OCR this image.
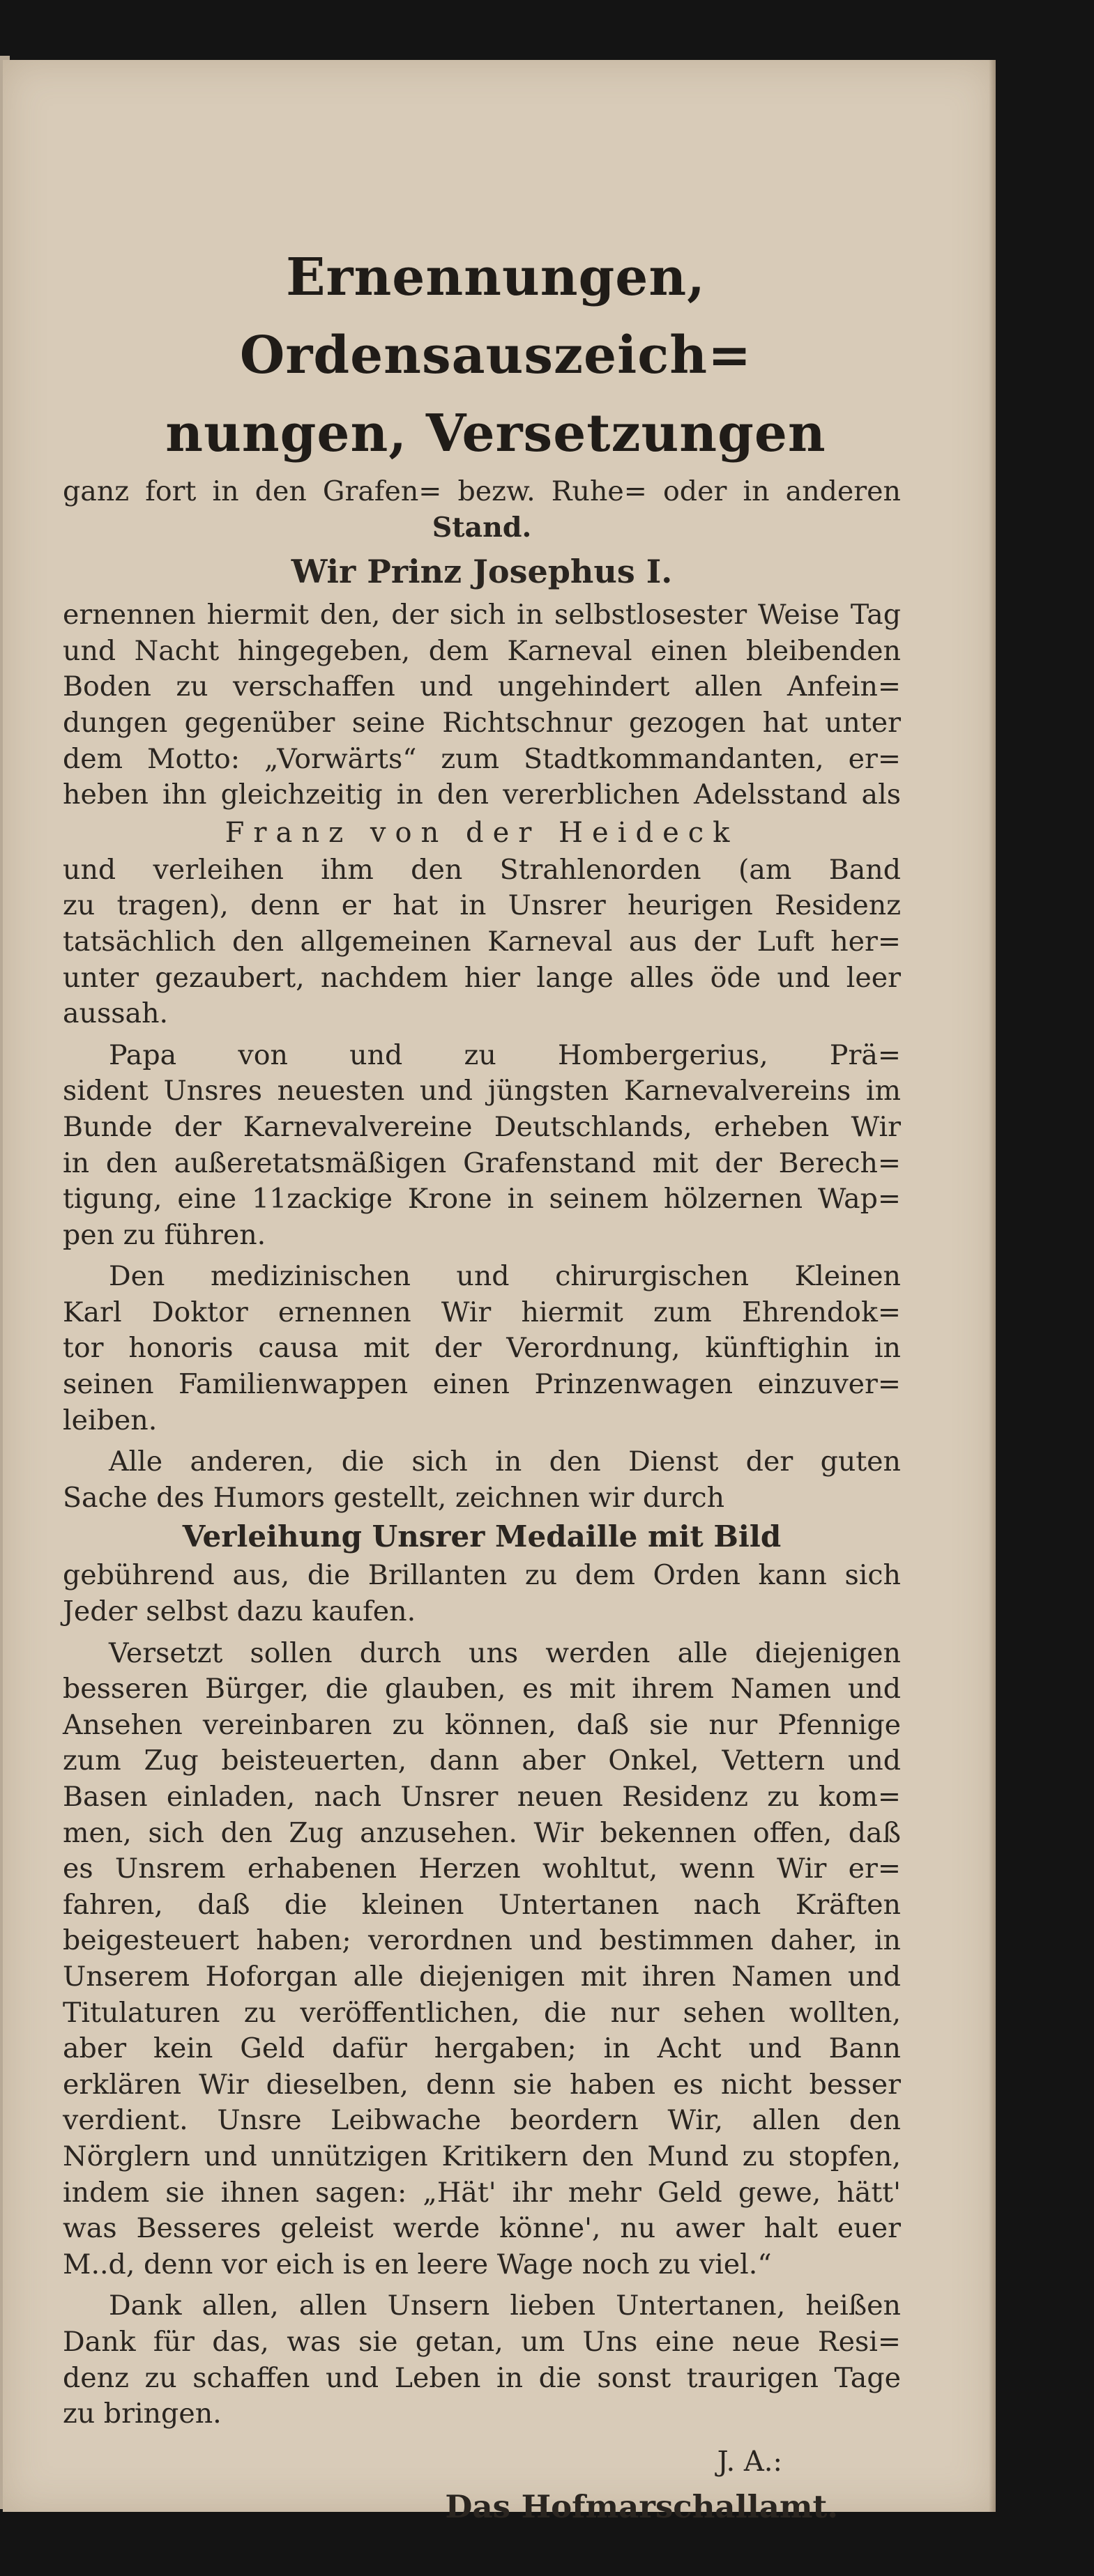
Ernennungen, Ordensauszeich=
nungen, Versetzungen
ganz fort in den Grafen= bezw. Ruhe= oder in anderen
Stand.
Wir Prinz Josephus I.
ernennen hiermit den, der sich in selbstlosester Weise Tag
und Nacht hingegeben, dem Karneval einen bleibenden
Boden zu verschaffen und ungehindert allen Anfein=
dungen gegenüber seine Richtschnur gezogen hat unter
dem Motto: „Vorwärts“ zum Stadtkommandanten, er=
heben ihn gleichzeitig in den vererblichen Adelsstand als
Franz von der Heideck
und verleihen ihm den Strahlenorden (am Band
zu tragen), denn er hat in Unsrer heurigen Residenz
tatsächlich den allgemeinen Karneval aus der Luft her=
unter gezaubert, nachdem hier lange alles öde und leer
aussah.
Papa von und zu Hombergerius, Prä=
sident Unsres neuesten und jüngsten Karnevalvereins im
Bunde der Karnevalvereine Deutschlands, erheben Wir
in den außeretatsmäßigen Grafenstand mit der Berech=
tigung, eine 11zackige Krone in seinem hölzernen Wap=
pen zu führen.
Den medizinischen und chirurgischen Kleinen
Karl Doktor ernennen Wir hiermit zum Ehrendok=
tor honoris causa mit der Verordnung, künftighin in
seinen Familienwappen einen Prinzenwagen einzuver=
leiben.
Alle anderen, die sich in den Dienst der guten
Sache des Humors gestellt, zeichnen wir durch
Verleihung Unsrer Medaille mit Bild
gebührend aus, die Brillanten zu dem Orden kann sich
Jeder selbst dazu kaufen.
Versetzt sollen durch uns werden alle diejenigen
besseren Bürger, die glauben, es mit ihrem Namen und
Ansehen vereinbaren zu können, daß sie nur Pfennige
zum Zug beisteuerten, dann aber Onkel, Vettern und
Basen einladen, nach Unsrer neuen Residenz zu kom=
men, sich den Zug anzusehen. Wir bekennen offen, daß
es Unsrem erhabenen Herzen wohltut, wenn Wir er=
fahren, daß die kleinen Untertanen nach Kräften
beigesteuert haben; verordnen und bestimmen daher, in
Unserem Hoforgan alle diejenigen mit ihren Namen und
Titulaturen zu veröffentlichen, die nur sehen wollten,
aber kein Geld dafür hergaben; in Acht und Bann
erklären Wir dieselben, denn sie haben es nicht besser
verdient. Unsre Leibwache beordern Wir, allen den
Nörglern und unnützigen Kritikern den Mund zu stopfen,
indem sie ihnen sagen: „Hät' ihr mehr Geld gewe, hätt'
was Besseres geleist werde könne', nu awer halt euer
M..d, denn vor eich is en leere Wage noch zu viel.“
Dank allen, allen Unsern lieben Untertanen, heißen
Dank für das, was sie getan, um Uns eine neue Resi=
denz zu schaffen und Leben in die sonst traurigen Tage
zu bringen.
J. A.:
Das Hofmarschallamt.
